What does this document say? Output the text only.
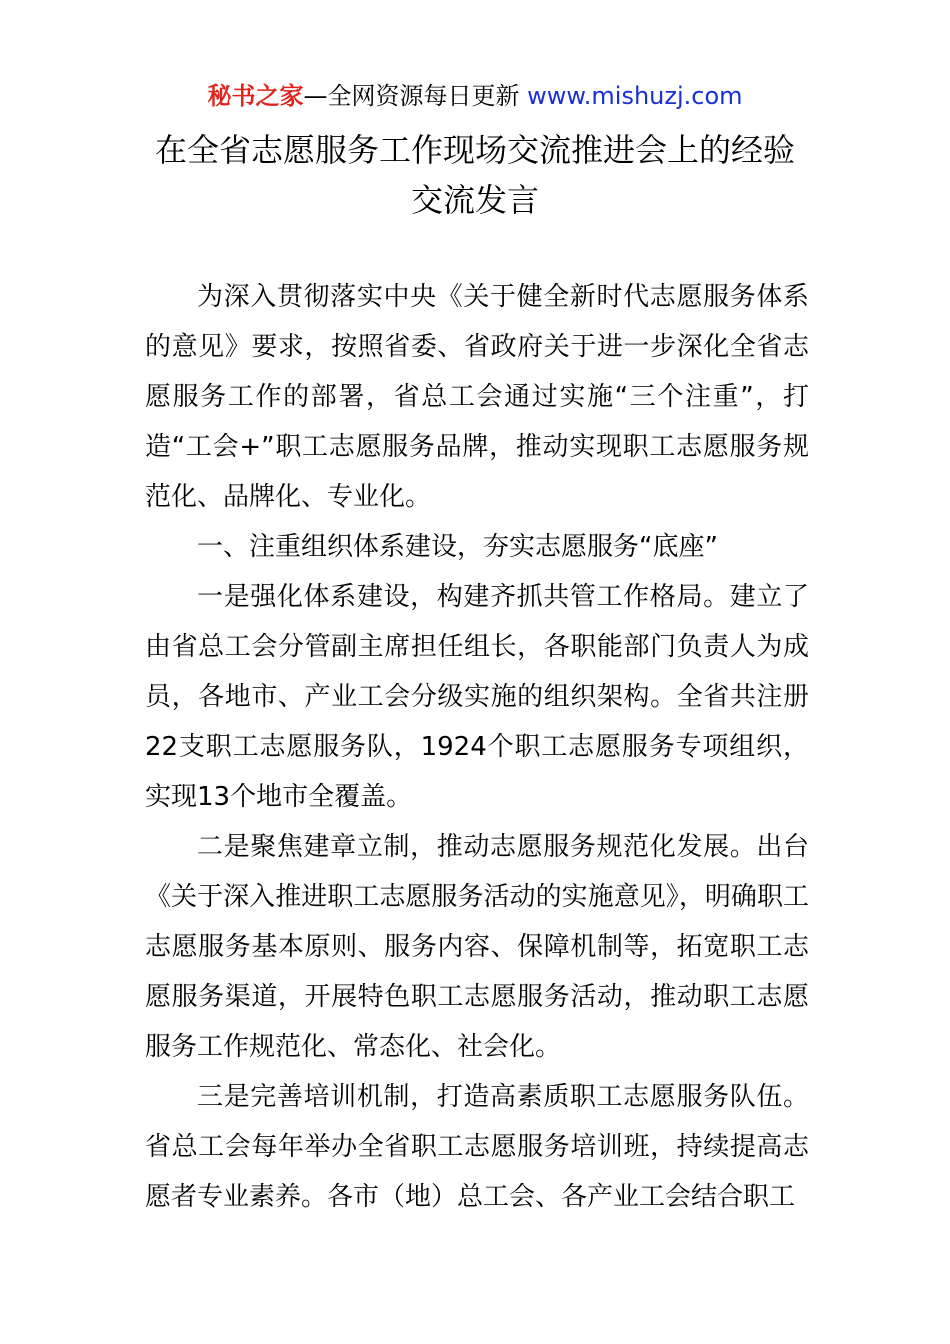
秘书之家—全网资源每日更新 www.mishuzj.com
在全省志愿服务工作现场交流推进会上的经验
交流发言

为深入贯彻落实中央《关于健全新时代志愿服务体系的意见》要求，按照省委、省政府关于进一步深化全省志愿服务工作的部署，省总工会通过实施“三个注重”，打造“工会+”职工志愿服务品牌，推动实现职工志愿服务规范化、品牌化、专业化。

一、注重组织体系建设，夯实志愿服务“底座”

一是强化体系建设，构建齐抓共管工作格局。建立了由省总工会分管副主席担任组长，各职能部门负责人为成员，各地市、产业工会分级实施的组织架构。全省共注册22支职工志愿服务队，1924个职工志愿服务专项组织，实现13个地市全覆盖。

二是聚焦建章立制，推动志愿服务规范化发展。出台《关于深入推进职工志愿服务活动的实施意见》，明确职工志愿服务基本原则、服务内容、保障机制等，拓宽职工志愿服务渠道，开展特色职工志愿服务活动，推动职工志愿服务工作规范化、常态化、社会化。

三是完善培训机制，打造高素质职工志愿服务队伍。省总工会每年举办全省职工志愿服务培训班，持续提高志愿者专业素养。各市（地）总工会、各产业工会结合职工
